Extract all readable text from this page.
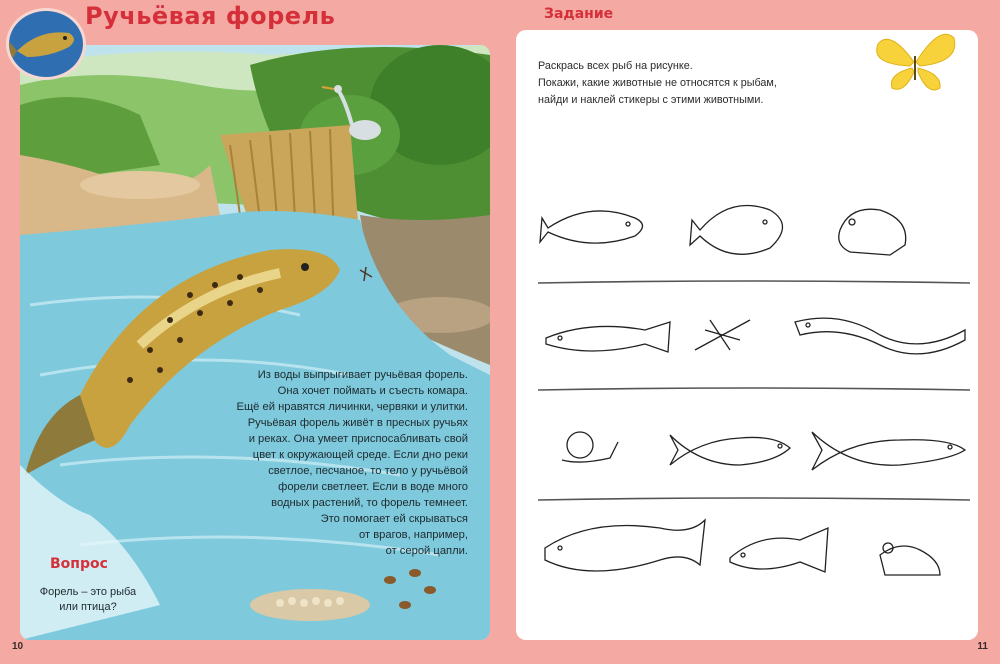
Ручьёвая форель
Из воды выпрыгивает ручьёвая форель.
Она хочет поймать и съесть комара.
Ещё ей нравятся личинки, червяки и улитки.
Ручьёвая форель живёт в пресных ручьях
и реках. Она умеет приспосабливать свой
цвет к окружающей среде. Если дно реки
светлое, песчаное, то тело у ручьёвой
форели светлеет. Если в воде много
водных растений, то форель темнеет.
Это помогает ей скрываться
от врагов, например,
от серой цапли.
Вопрос
Форель – это рыба
или птица?
10
Задание
Раскрась всех рыб на рисунке.
Покажи, какие животные не относятся к рыбам,
найди и наклей стикеры с этими животными.
11
